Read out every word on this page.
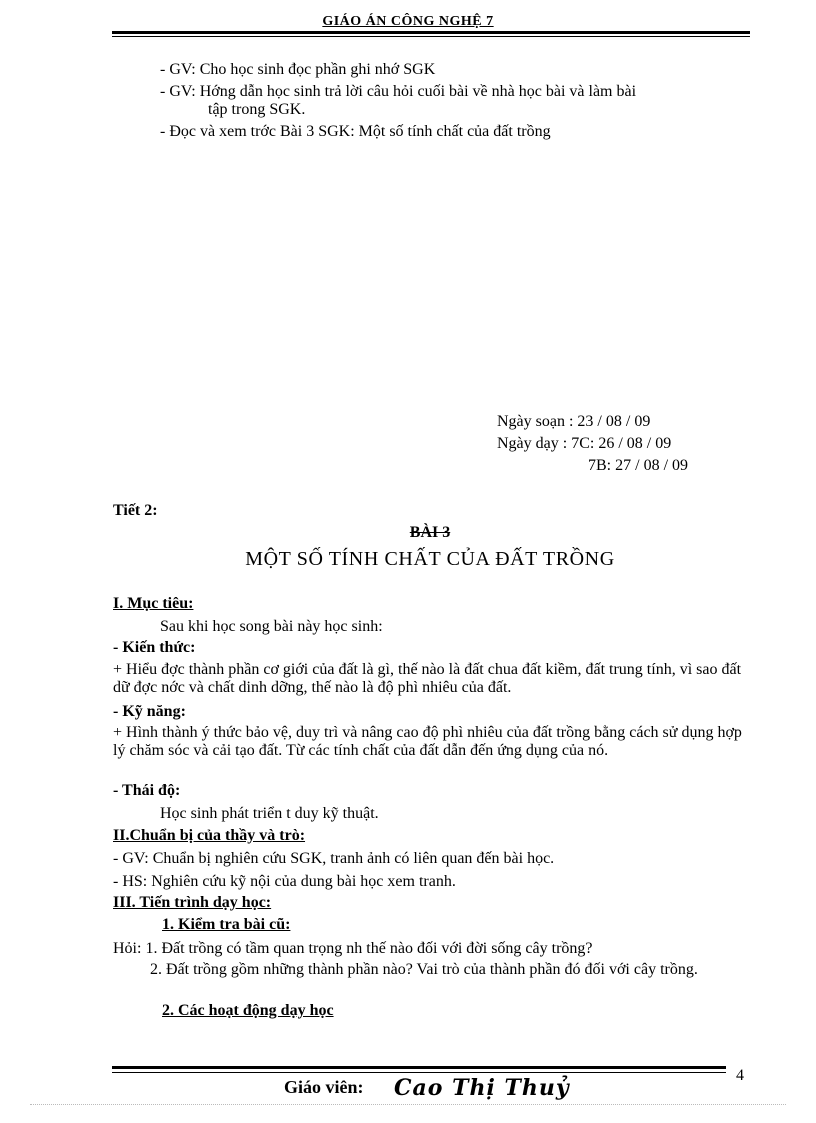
GIÁO ÁN CÔNG NGHỆ 7
- GV: Cho học sinh đọc phần ghi nhớ SGK
- GV: Hớng dẫn học sinh trả lời câu hỏi cuối bài về nhà học bài và làm bài
tập trong SGK.
- Đọc và xem trớc Bài 3 SGK: Một số tính chất của đất trồng
Ngày soạn : 23 / 08 / 09
Ngày dạy : 7C: 26 / 08 / 09
7B: 27 / 08 / 09
Tiết 2:
BÀI 3
MỘT SỐ TÍNH CHẤT CỦA ĐẤT TRỒNG
I. Mục tiêu:
Sau khi học song bài này học sinh:
- Kiến thức:
+ Hiểu đợc thành phần cơ giới của đất là gì, thế nào là đất chua đất kiềm, đất trung tính, vì sao đất dữ đợc nớc và chất dinh dỡng, thế nào là độ phì nhiêu của đất.
- Kỹ năng:
+ Hình thành ý thức bảo vệ, duy trì và nâng cao độ phì nhiêu của đất trồng bằng cách sử dụng hợp lý chăm sóc và cải tạo đất. Từ các tính chất của đất dẫn đến ứng dụng của nó.
- Thái độ:
Học sinh phát triển t duy kỹ thuật.
II.Chuẩn bị của thầy và trò:
- GV: Chuẩn bị nghiên cứu SGK, tranh ảnh có liên quan đến bài học.
- HS: Nghiên cứu kỹ nội của dung bài học xem tranh.
III. Tiến trình dạy học:
1. Kiểm tra bài cũ:
Hỏi: 1. Đất trồng có tầm quan trọng nh thế nào đối với đời sống cây trồng?
2. Đất trồng gồm những thành phần nào? Vai trò của thành phần đó đối với cây trồng.
2. Các hoạt động dạy học
4
Giáo viên: Cao Thị Thuỷ
